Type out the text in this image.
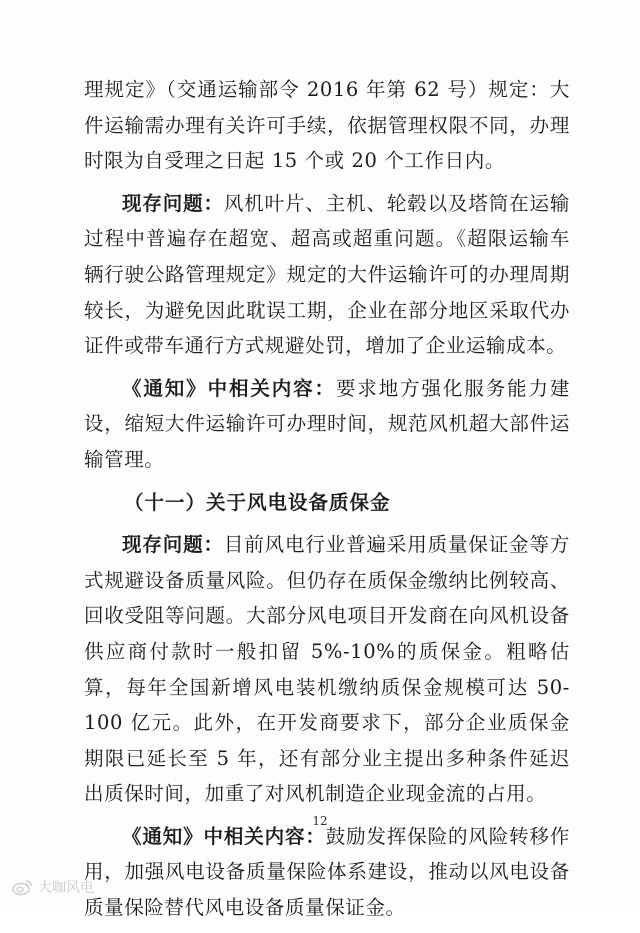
理规定》（交通运输部令 2016 年第 62 号）规定：大件运输需办理有关许可手续，依据管理权限不同，办理时限为自受理之日起 15 个或 20 个工作日内。

现存问题：风机叶片、主机、轮毂以及塔筒在运输过程中普遍存在超宽、超高或超重问题。《超限运输车辆行驶公路管理规定》规定的大件运输许可的办理周期较长，为避免因此耽误工期，企业在部分地区采取代办证件或带车通行方式规避处罚，增加了企业运输成本。

《通知》中相关内容：要求地方强化服务能力建设，缩短大件运输许可办理时间，规范风机超大部件运输管理。

（十一）关于风电设备质保金

现存问题：目前风电行业普遍采用质量保证金等方式规避设备质量风险。但仍存在质保金缴纳比例较高、回收受阻等问题。大部分风电项目开发商在向风机设备供应商付款时一般扣留 5%-10%的质保金。粗略估算，每年全国新增风电装机缴纳质保金规模可达 50-100 亿元。此外，在开发商要求下，部分企业质保金期限已延长至 5 年，还有部分业主提出多种条件延迟出质保时间，加重了对风机制造企业现金流的占用。

《通知》中相关内容：鼓励发挥保险的风险转移作用，加强风电设备质量保险体系建设，推动以风电设备质量保险替代风电设备质量保证金。

12
大咖风电
